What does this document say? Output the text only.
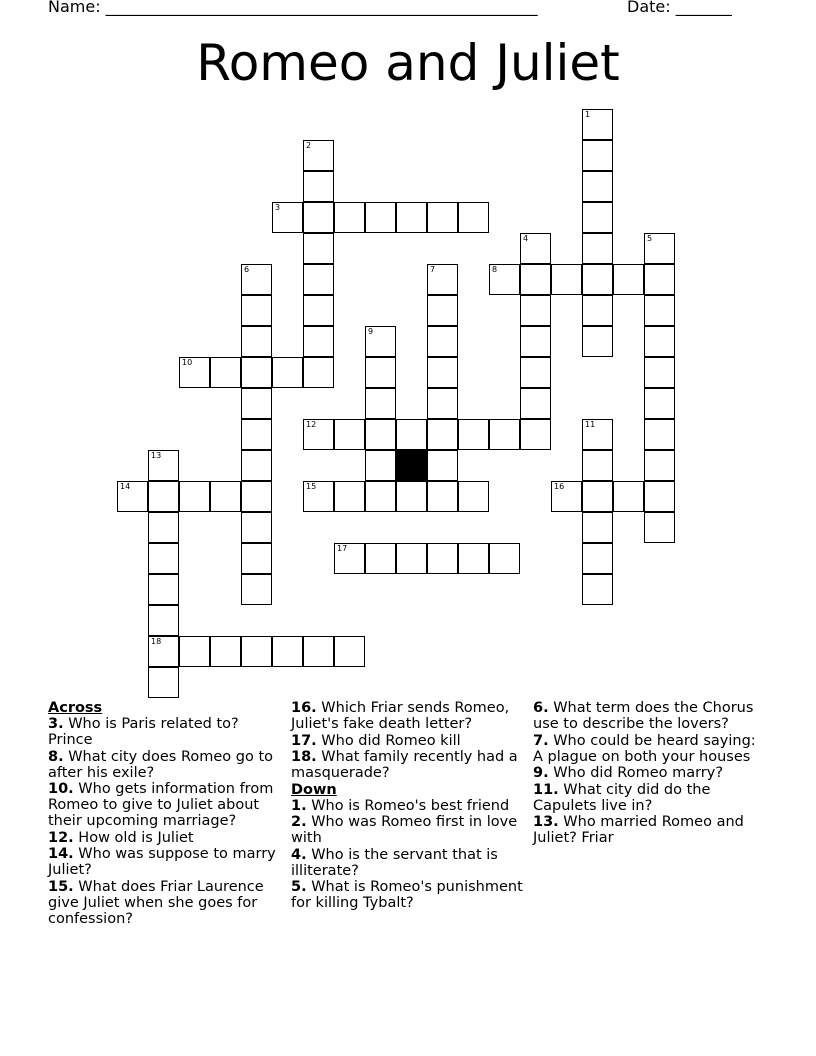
Name: ______________________________________________________	Date: _______
Romeo and Juliet
1
2
3
4	5
6	7	8
9
10
11
12
13
18
14	15	16
17
Across
3. Who is Paris related to? Prince
8. What city does Romeo go to after his exile?
10. Who gets information from Romeo to give to Juliet about their upcoming marriage?
12. How old is Juliet
14. Who was suppose to marry Juliet?
15. What does Friar Laurence give Juliet when she goes for confession?
16. Which Friar sends Romeo, Juliet's fake death letter?
17. Who did Romeo kill
18. What family recently had a masquerade?
Down
1. Who is Romeo's best friend
2. Who was Romeo first in love with
4. Who is the servant that is illiterate?
5. What is Romeo's punishment for killing Tybalt?
6. What term does the Chorus use to describe the lovers?
7. Who could be heard saying: A plague on both your houses
9. Who did Romeo marry?
11. What city did do the Capulets live in?
13. Who married Romeo and Juliet? Friar
